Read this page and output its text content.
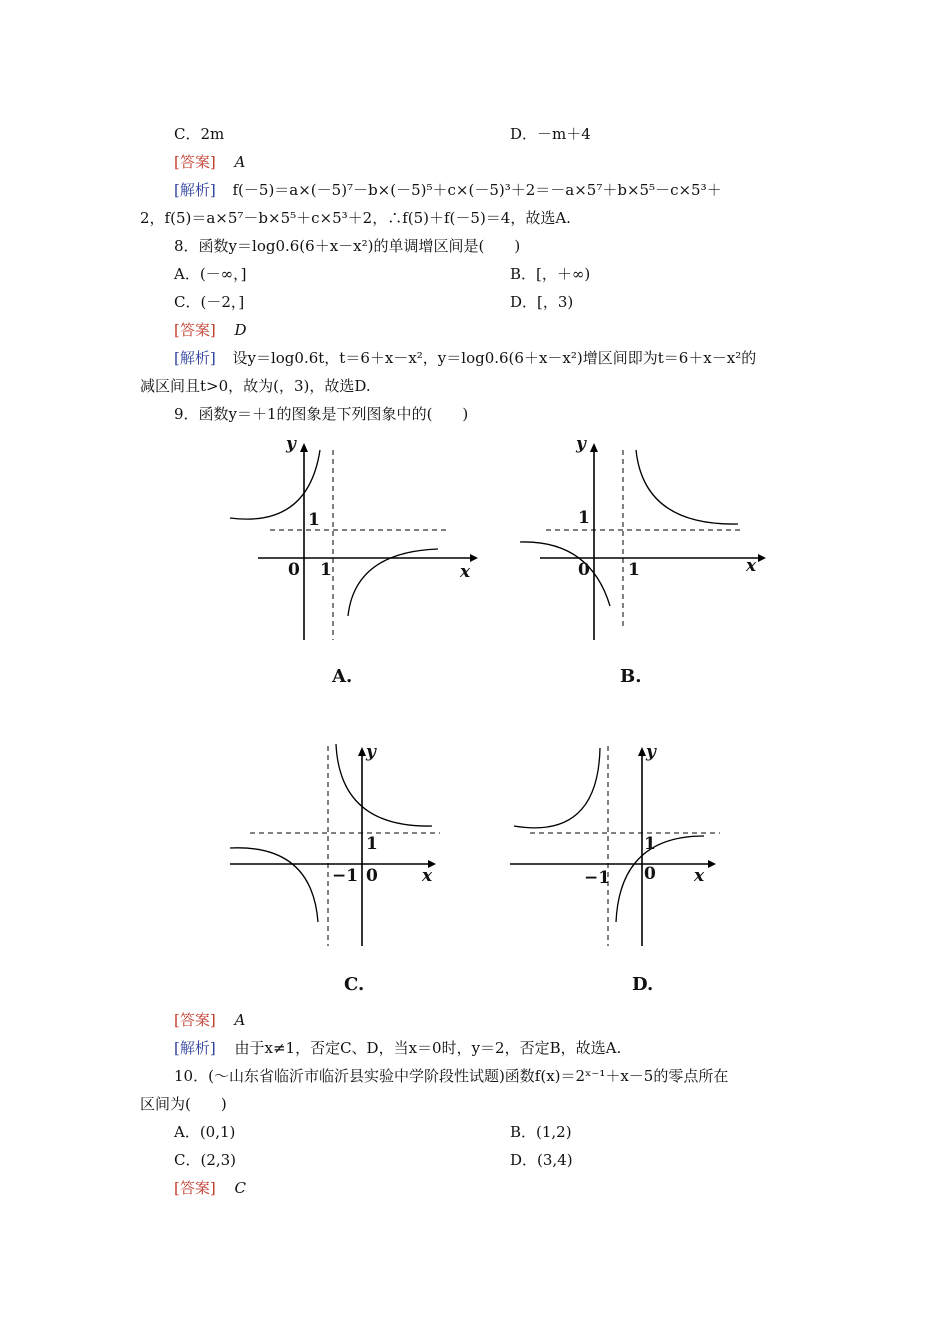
C．2m	D．－m＋4
[答案] A
[解析] f(－5)＝a×(－5)⁷－b×(－5)⁵＋c×(－5)³＋2＝－a×5⁷＋b×5⁵－c×5³＋
2，f(5)＝a×5⁷－b×5⁵＋c×5³＋2，∴f(5)＋f(－5)＝4，故选A.
8．函数y＝log0.6(6＋x－x²)的单调增区间是(　　)
A．(－∞，]	B．[，＋∞)
C．(－2，]	D．[，3)
[答案] D
[解析] 设y＝log0.6t，t＝6＋x－x²，y＝log0.6(6＋x－x²)增区间即为t＝6＋x－x²的
减区间且t>0，故为(，3)，故选D.
9．函数y＝＋1的图象是下列图象中的(　　)
y
x
0 1
1
A.
y
x
0 1
1
B.
y
x
0
−1
1
C.
y
x
0
−1
1
D.
[答案] A
[解析] 由于x≠1，否定C、D，当x＝0时，y＝2，否定B，故选A.
10．(～山东省临沂市临沂县实验中学阶段性试题)函数f(x)＝2ˣ⁻¹＋x－5的零点所在
区间为(　　)
A．(0,1)	B．(1,2)
C．(2,3)	D．(3,4)
[答案] C
